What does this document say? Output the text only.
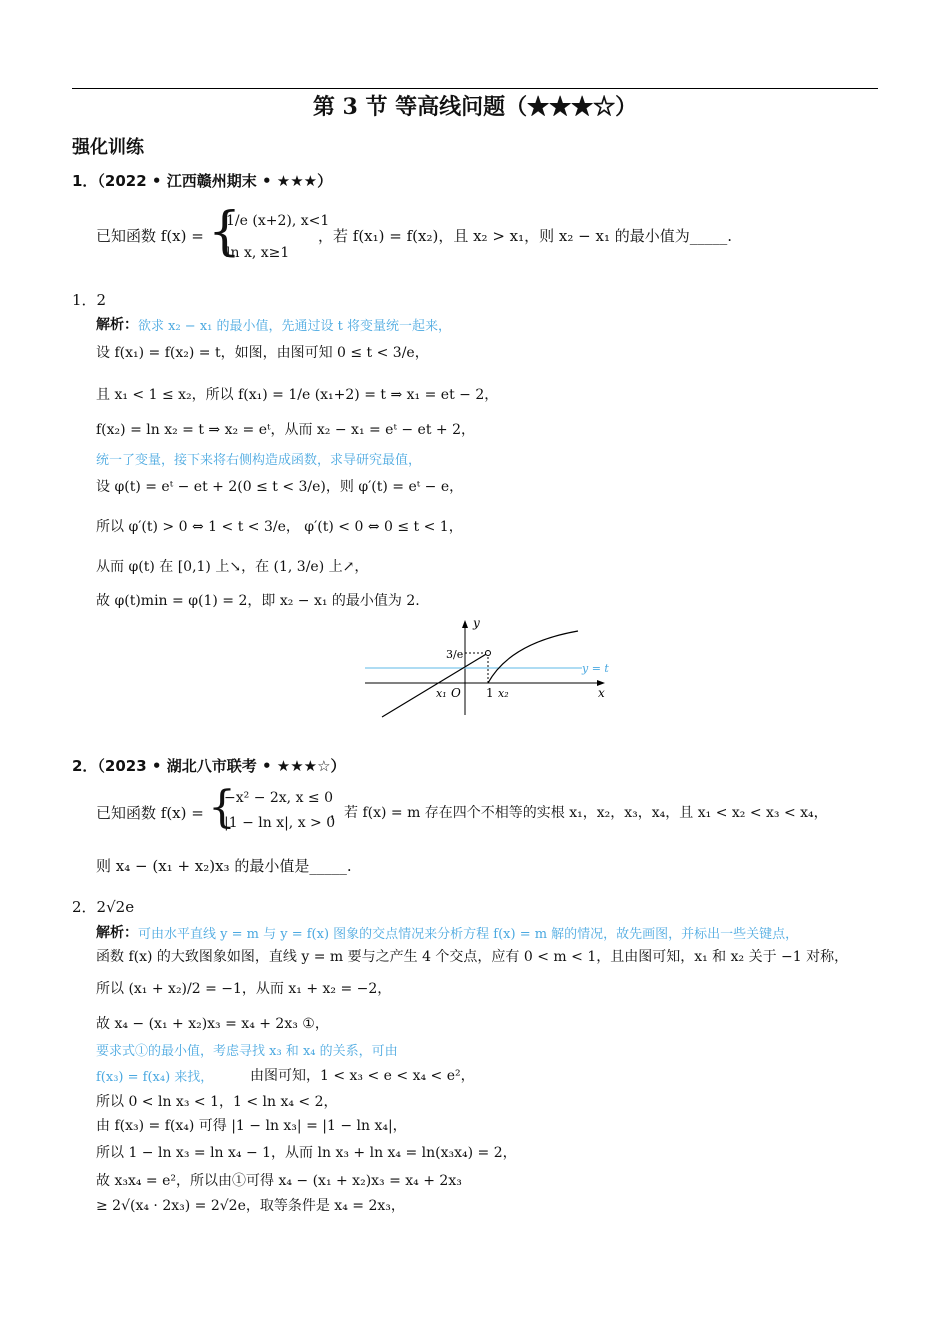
第 3 节 等高线问题（★★★☆）
强化训练
1．（2022 • 江西赣州期末 • ★★★）
已知函数 f(x) = {
1/e (x+2), x<1
ln x, x≥1
，若 f(x₁) = f(x₂)，且 x₂ > x₁，则 x₂ − x₁ 的最小值为_____.
1．2
解析： 欲求 x₂ − x₁ 的最小值，先通过设 t 将变量统一起来，
设 f(x₁) = f(x₂) = t，如图，由图可知 0 ≤ t < 3/e，
且 x₁ < 1 ≤ x₂，所以 f(x₁) = 1/e (x₁+2) = t ⇒ x₁ = et − 2，
f(x₂) = ln x₂ = t ⇒ x₂ = eᵗ，从而 x₂ − x₁ = eᵗ − et + 2，
统一了变量，接下来将右侧构造成函数，求导研究最值，
设 φ(t) = eᵗ − et + 2(0 ≤ t < 3/e)，则 φ′(t) = eᵗ − e，
所以 φ′(t) > 0 ⇔ 1 < t < 3/e， φ′(t) < 0 ⇔ 0 ≤ t < 1，
从而 φ(t) 在 [0,1) 上↘，在 (1, 3/e) 上↗，
故 φ(t)min = φ(1) = 2，即 x₂ − x₁ 的最小值为 2.
y
x
3/e
y = t
x₁ O 1 x₂
2．（2023 • 湖北八市联考 • ★★★☆）
已知函数 f(x) = {
−x² − 2x, x ≤ 0
|1 − ln x|, x > 0
，若 f(x) = m 存在四个不相等的实根 x₁，x₂，x₃，x₄，且 x₁ < x₂ < x₃ < x₄，
则 x₄ − (x₁ + x₂)x₃ 的最小值是_____.
2．2√2e
解析： 可由水平直线 y = m 与 y = f(x) 图象的交点情况来分析方程 f(x) = m 解的情况，故先画图，并标出一些关键点，
函数 f(x) 的大致图象如图，直线 y = m 要与之产生 4 个交点，应有 0 < m < 1，且由图可知，x₁ 和 x₂ 关于 −1 对称，
所以 (x₁ + x₂)/2 = −1，从而 x₁ + x₂ = −2，
故 x₄ − (x₁ + x₂)x₃ = x₄ + 2x₃ ①，
要求式①的最小值，考虑寻找 x₃ 和 x₄ 的关系，可由
f(x₃) = f(x₄) 来找，	由图可知，1 < x₃ < e < x₄ < e²，
所以 0 < ln x₃ < 1，1 < ln x₄ < 2，
由 f(x₃) = f(x₄) 可得 |1 − ln x₃| = |1 − ln x₄|，
所以 1 − ln x₃ = ln x₄ − 1，从而 ln x₃ + ln x₄ = ln(x₃x₄) = 2，
故 x₃x₄ = e²，所以由①可得 x₄ − (x₁ + x₂)x₃ = x₄ + 2x₃
≥ 2√(x₄ · 2x₃) = 2√2e，取等条件是 x₄ = 2x₃，
